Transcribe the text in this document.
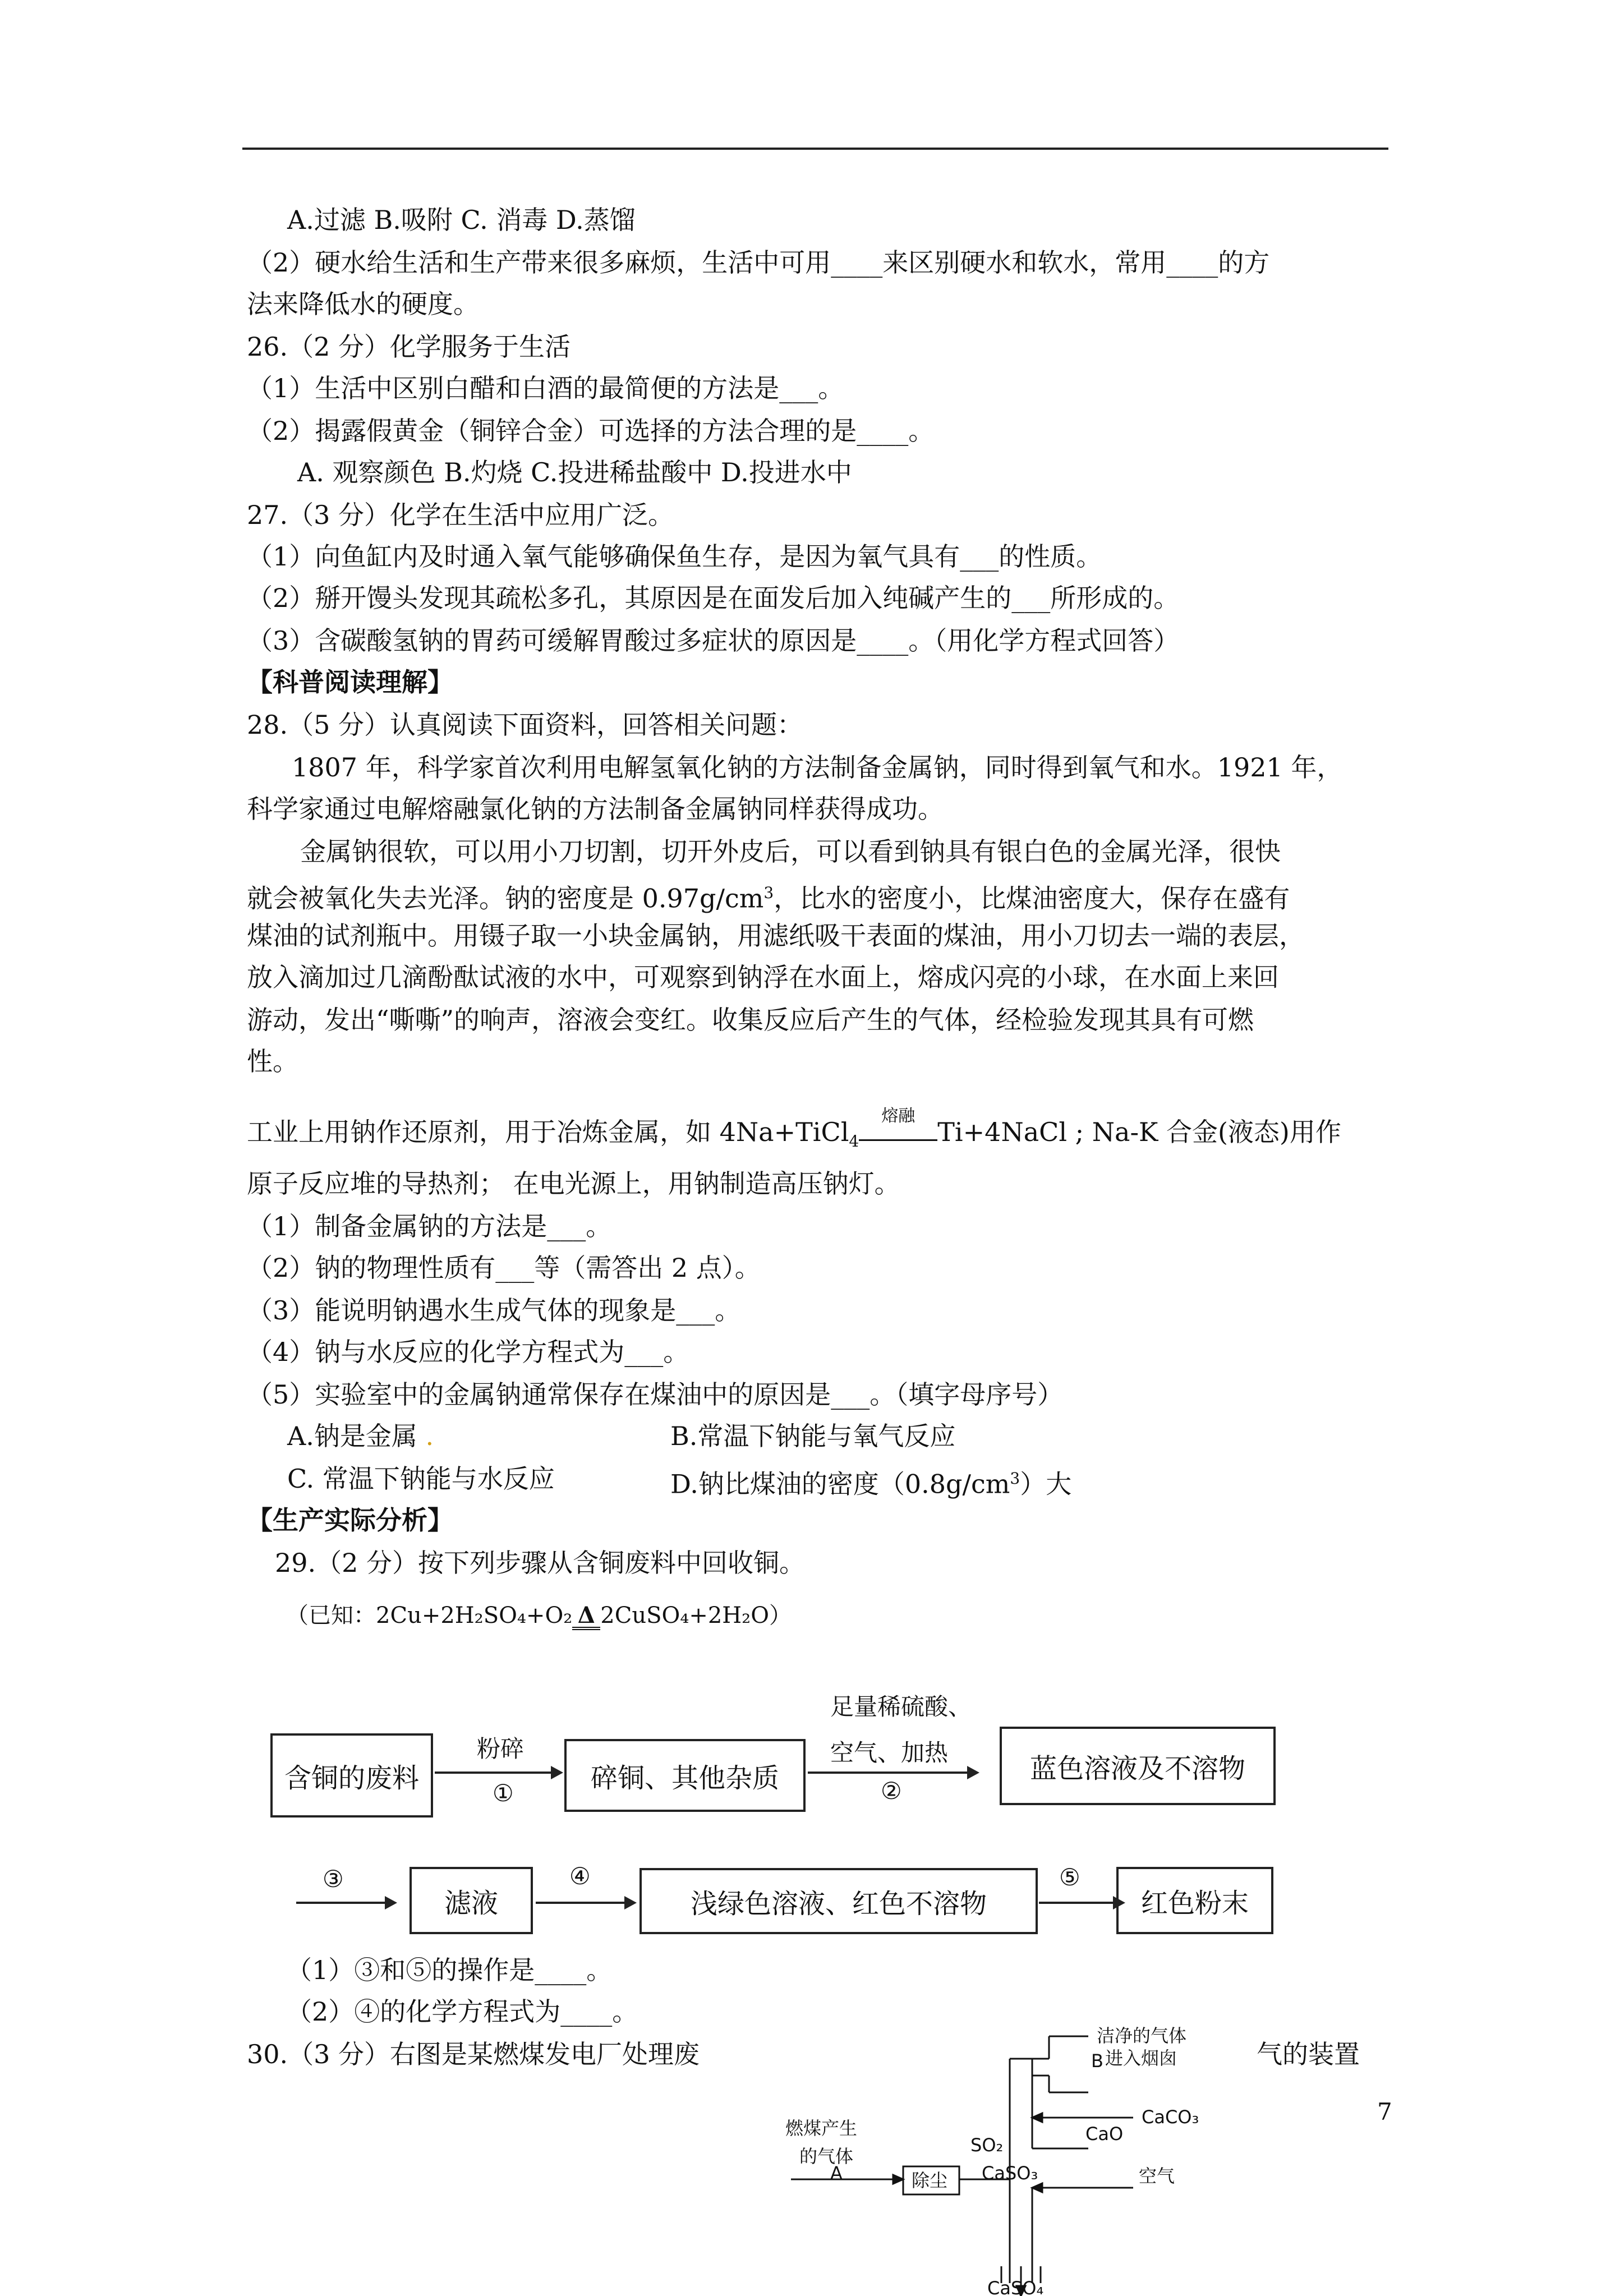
A.过滤 B.吸附 C. 消毒 D.蒸馏
（2）硬水给生活和生产带来很多麻烦，生活中可用____来区别硬水和软水，常用____的方
法来降低水的硬度。
26.（2 分）化学服务于生活
（1）生活中区别白醋和白酒的最简便的方法是___。
（2）揭露假黄金（铜锌合金）可选择的方法合理的是____。
A. 观察颜色 B.灼烧 C.投进稀盐酸中 D.投进水中
27.（3 分）化学在生活中应用广泛。
（1）向鱼缸内及时通入氧气能够确保鱼生存，是因为氧气具有___的性质。
（2）掰开馒头发现其疏松多孔，其原因是在面发后加入纯碱产生的___所形成的。
（3）含碳酸氢钠的胃药可缓解胃酸过多症状的原因是____。（用化学方程式回答）
【科普阅读理解】
28.（5 分）认真阅读下面资料，回答相关问题：
1807 年，科学家首次利用电解氢氧化钠的方法制备金属钠，同时得到氧气和水。1921 年，
科学家通过电解熔融氯化钠的方法制备金属钠同样获得成功。
金属钠很软，可以用小刀切割，切开外皮后，可以看到钠具有银白色的金属光泽，很快
就会被氧化失去光泽。钠的密度是 $0.97g/cm^3$，比水的密度小，比煤油密度大，保存在盛有
煤油的试剂瓶中。用镊子取一小块金属钠，用滤纸吸干表面的煤油，用小刀切去一端的表层，
放入滴加过几滴酚酞试液的水中，可观察到钠浮在水面上，熔成闪亮的小球，在水面上来回
游动，发出“嘶嘶”的响声，溶液会变红。收集反应后产生的气体，经检验发现其具有可燃
性。
工业上用钠作还原剂，用于冶炼金属，如 4Na+TiCl$_4$
熔融
Ti+4NaCl ; Na-K 合金(液态)用作
原子反应堆的导热剂； 在电光源上，用钠制造高压钠灯。
（1）制备金属钠的方法是___。
（2）钠的物理性质有___等（需答出 2 点）。
（3）能说明钠遇水生成气体的现象是___。
（4）钠与水反应的化学方程式为___。
（5）实验室中的金属钠通常保存在煤油中的原因是___。（填字母序号）
A.钠是金属 .	B.常温下钠能与氧气反应
C. 常温下钠能与水反应	D.钠比煤油的密度$(0.8g/cm^3)$大
【生产实际分析】
29.（2 分）按下列步骤从含铜废料中回收铜。
（已知：2Cu+2H₂SO₄+O₂ Δ 2CuSO₄+2H₂O）
含铜的废料
粉碎
①	碎铜、其他杂质
足量稀硫酸、
空气、加热
②
蓝色溶液及不溶物
③
滤液
④
浅绿色溶液、红色不溶物
⑤
红色粉末
（1）③和⑤的操作是____。
（2）④的化学方程式为____。
30.（3 分）右图是某燃煤发电厂处理废	气的装置
洁净的气体
进入烟囱
B
CaCO₃
CaO
燃煤产生
的气体
A	除尘
SO₂
CaSO₃	空气
CaSO₄
7
